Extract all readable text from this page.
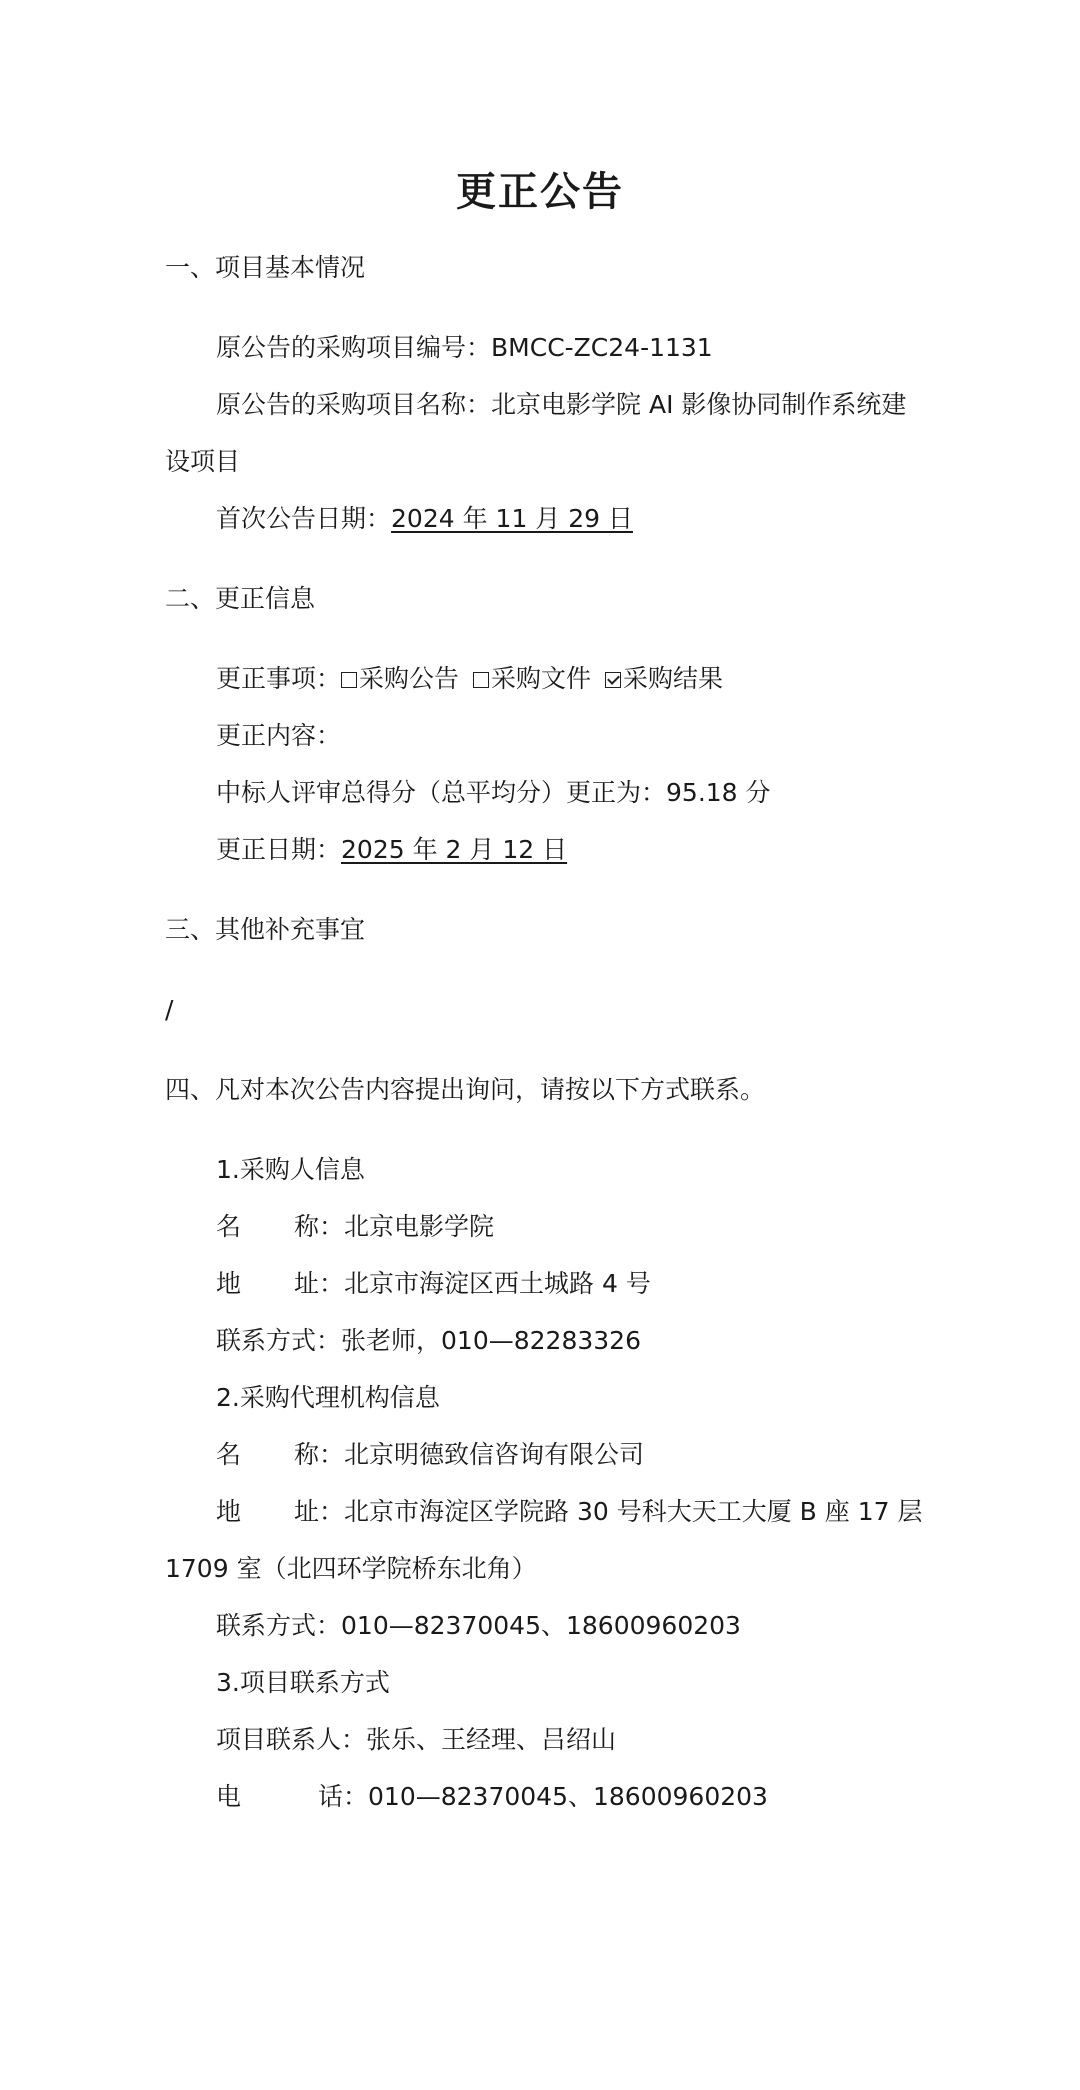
更正公告
一、项目基本情况
原公告的采购项目编号：BMCC-ZC24-1131
原公告的采购项目名称：北京电影学院 AI 影像协同制作系统建
设项目
首次公告日期：2024 年 11 月 29 日
二、更正信息
更正事项： 采购公告 采购文件 采购结果
更正内容：
中标人评审总得分（总平均分）更正为：95.18 分
更正日期：2025 年 2 月 12 日
三、其他补充事宜
/
四、凡对本次公告内容提出询问，请按以下方式联系。
1.采购人信息
名 称：北京电影学院
地 址：北京市海淀区西土城路 4 号
联系方式：张老师，010—82283326
2.采购代理机构信息
名 称：北京明德致信咨询有限公司
地 址：北京市海淀区学院路 30 号科大天工大厦 B 座 17 层
1709 室（北四环学院桥东北角）
联系方式：010—82370045、18600960203
3.项目联系方式
项目联系人：张乐、王经理、吕绍山
电	话：010—82370045、18600960203
